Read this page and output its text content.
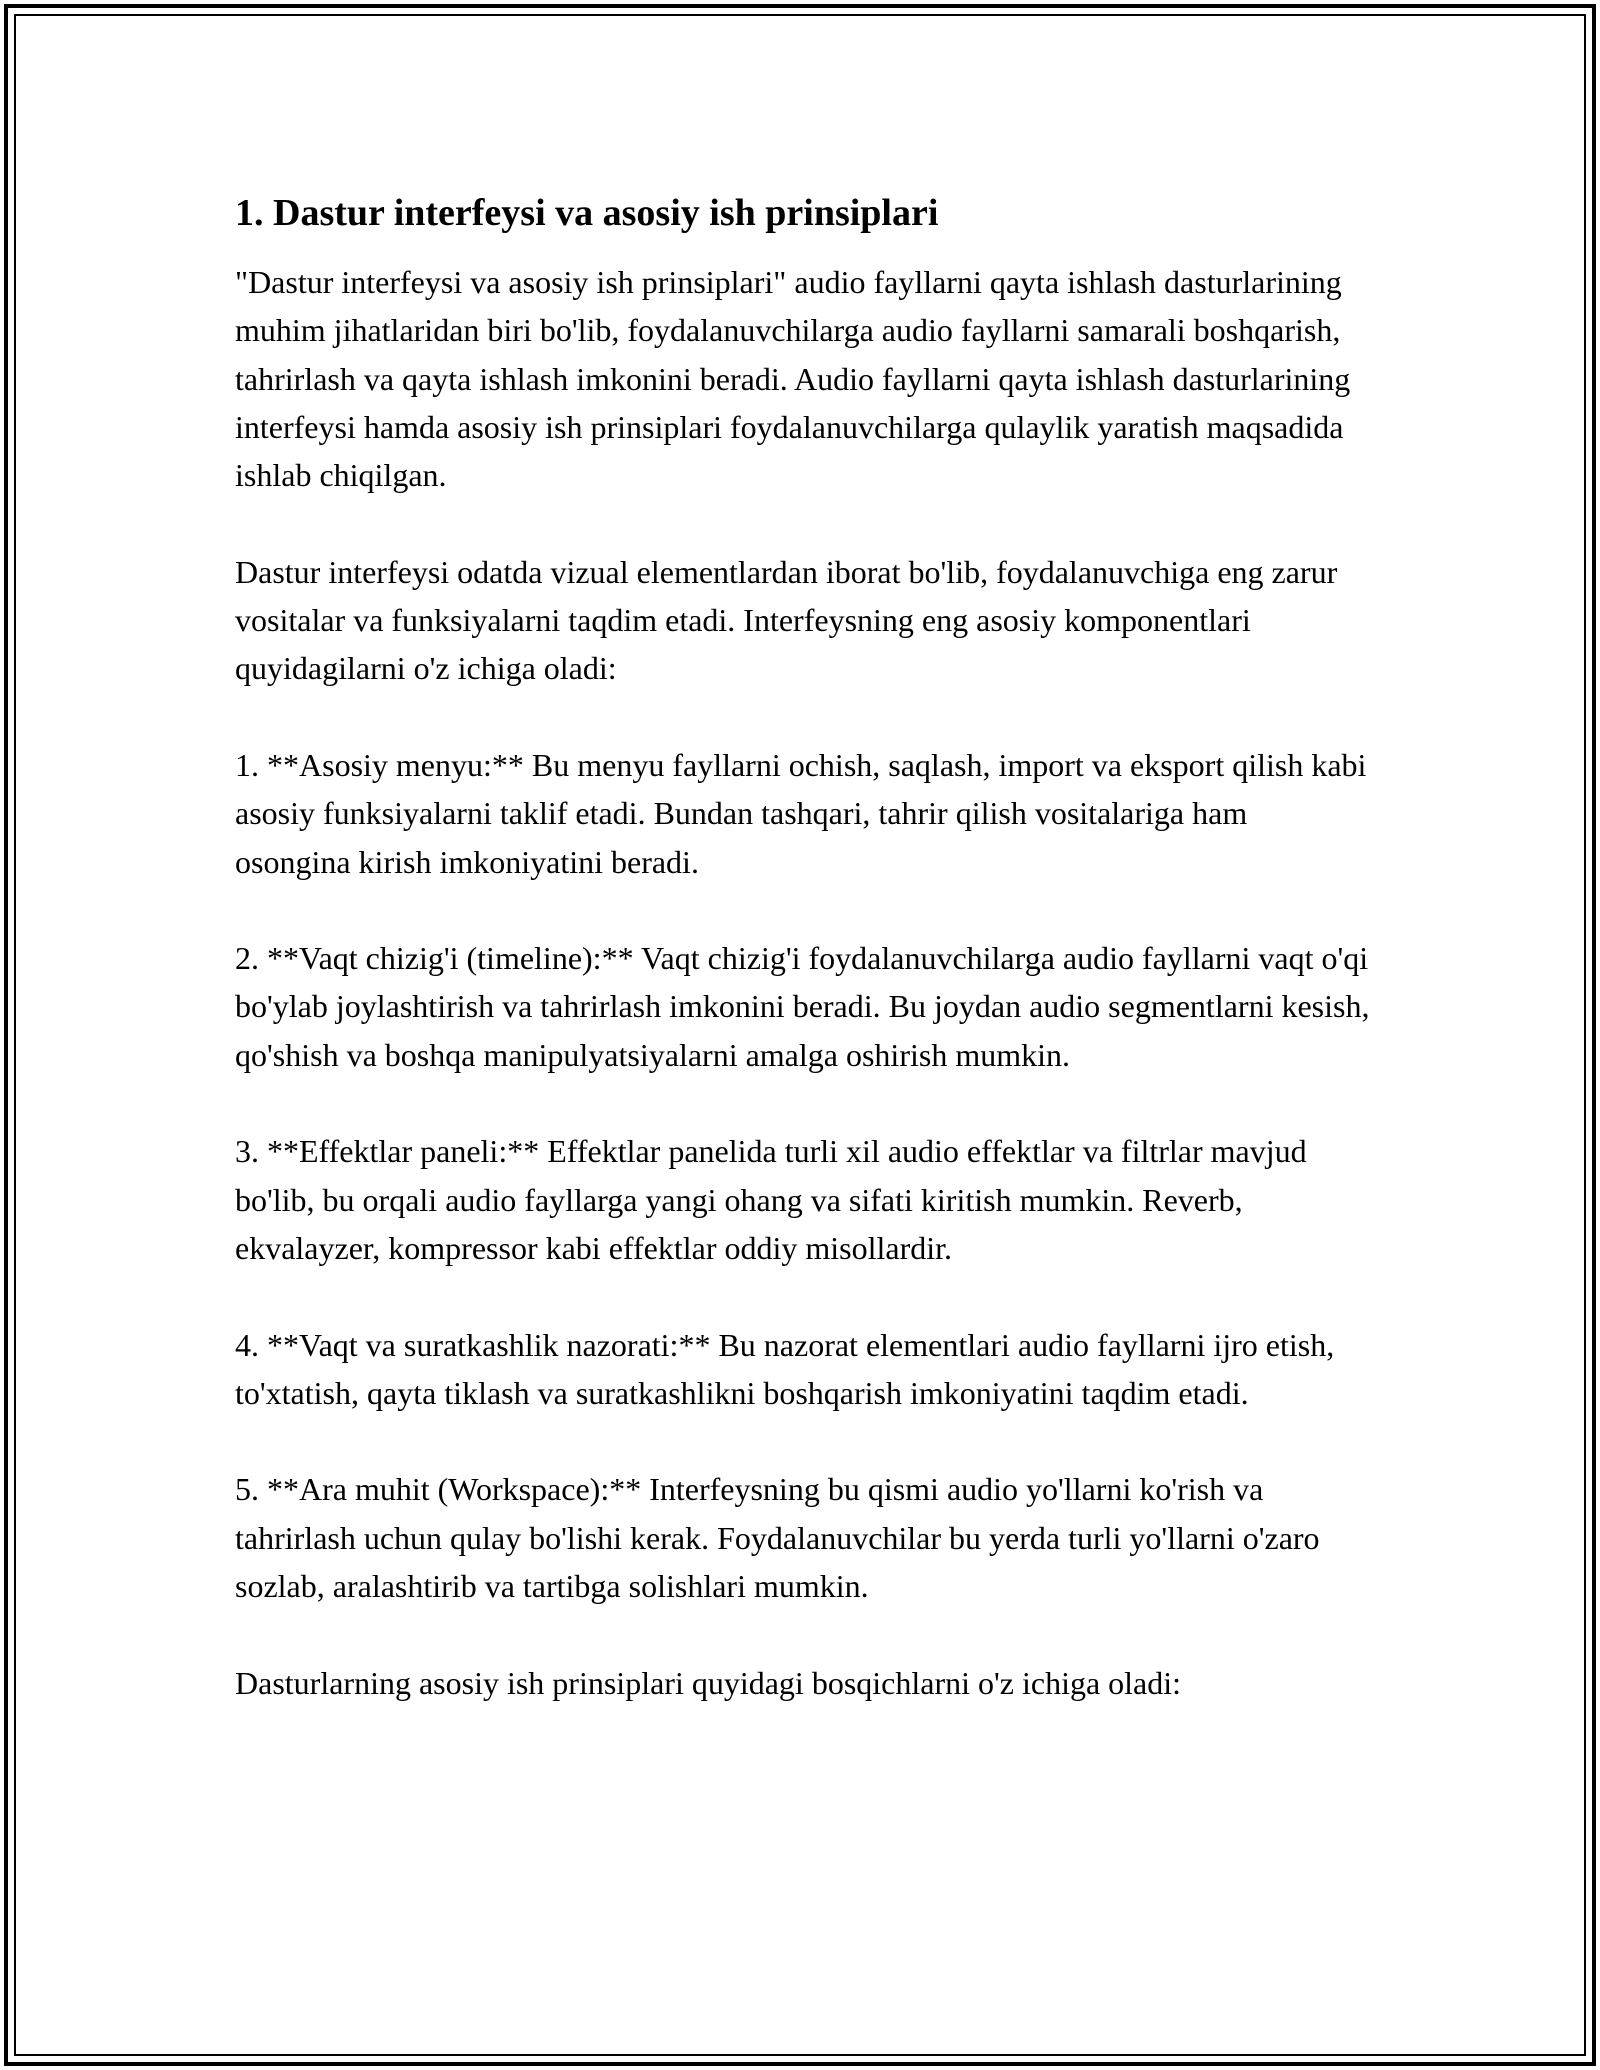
1. Dastur interfeysi va asosiy ish prinsiplari

"Dastur interfeysi va asosiy ish prinsiplari" audio fayllarni qayta ishlash dasturlarining muhim jihatlaridan biri bo'lib, foydalanuvchilarga audio fayllarni samarali boshqarish, tahrirlash va qayta ishlash imkonini beradi. Audio fayllarni qayta ishlash dasturlarining interfeysi hamda asosiy ish prinsiplari foydalanuvchilarga qulaylik yaratish maqsadida ishlab chiqilgan.

Dastur interfeysi odatda vizual elementlardan iborat bo'lib, foydalanuvchiga eng zarur vositalar va funksiyalarni taqdim etadi. Interfeysning eng asosiy komponentlari quyidagilarni o'z ichiga oladi:

1. **Asosiy menyu:** Bu menyu fayllarni ochish, saqlash, import va eksport qilish kabi asosiy funksiyalarni taklif etadi. Bundan tashqari, tahrir qilish vositalariga ham osongina kirish imkoniyatini beradi.

2. **Vaqt chizig'i (timeline):** Vaqt chizig'i foydalanuvchilarga audio fayllarni vaqt o'qi bo'ylab joylashtirish va tahrirlash imkonini beradi. Bu joydan audio segmentlarni kesish, qo'shish va boshqa manipulyatsiyalarni amalga oshirish mumkin.

3. **Effektlar paneli:** Effektlar panelida turli xil audio effektlar va filtrlar mavjud bo'lib, bu orqali audio fayllarga yangi ohang va sifati kiritish mumkin. Reverb, ekvalayzer, kompressor kabi effektlar oddiy misollardir.

4. **Vaqt va suratkashlik nazorati:** Bu nazorat elementlari audio fayllarni ijro etish, to'xtatish, qayta tiklash va suratkashlikni boshqarish imkoniyatini taqdim etadi.

5. **Ara muhit (Workspace):** Interfeysning bu qismi audio yo'llarni ko'rish va tahrirlash uchun qulay bo'lishi kerak. Foydalanuvchilar bu yerda turli yo'llarni o'zaro sozlab, aralashtirib va tartibga solishlari mumkin.

Dasturlarning asosiy ish prinsiplari quyidagi bosqichlarni o'z ichiga oladi:
